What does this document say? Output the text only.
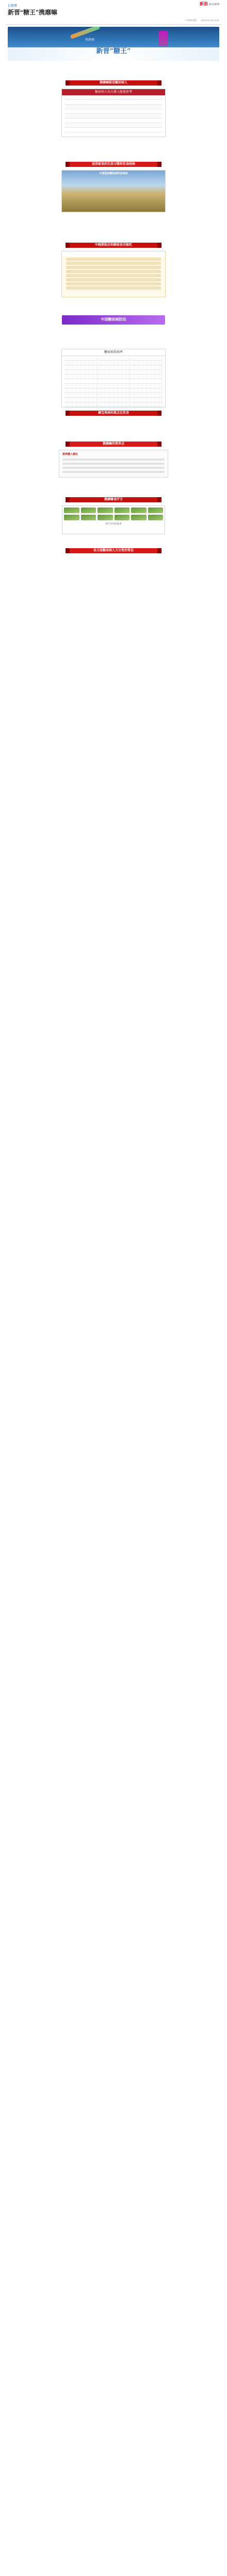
长微博	新浪 新浪微博
新晋“糖王”携靡嘛
中国新闻网 2013-03-18 14:47
携靡嘛
新晋“糖王”

携靡嘛就是糖尿病人
糖尿病人每日摄入能量参考

适用家里的生活习惯和饮食结构
中国国家糖尿病防治指南

中晚期饭后和睡前是否能吃

中国糖尿病防治

糖尿病发病率
痛宝贵病的重点在饮食

携靡嘛的营养点
营养摄入建议

携靡嘛食疗方
推荐食用的蔬菜

各方面糖尿病人力立性的常态
